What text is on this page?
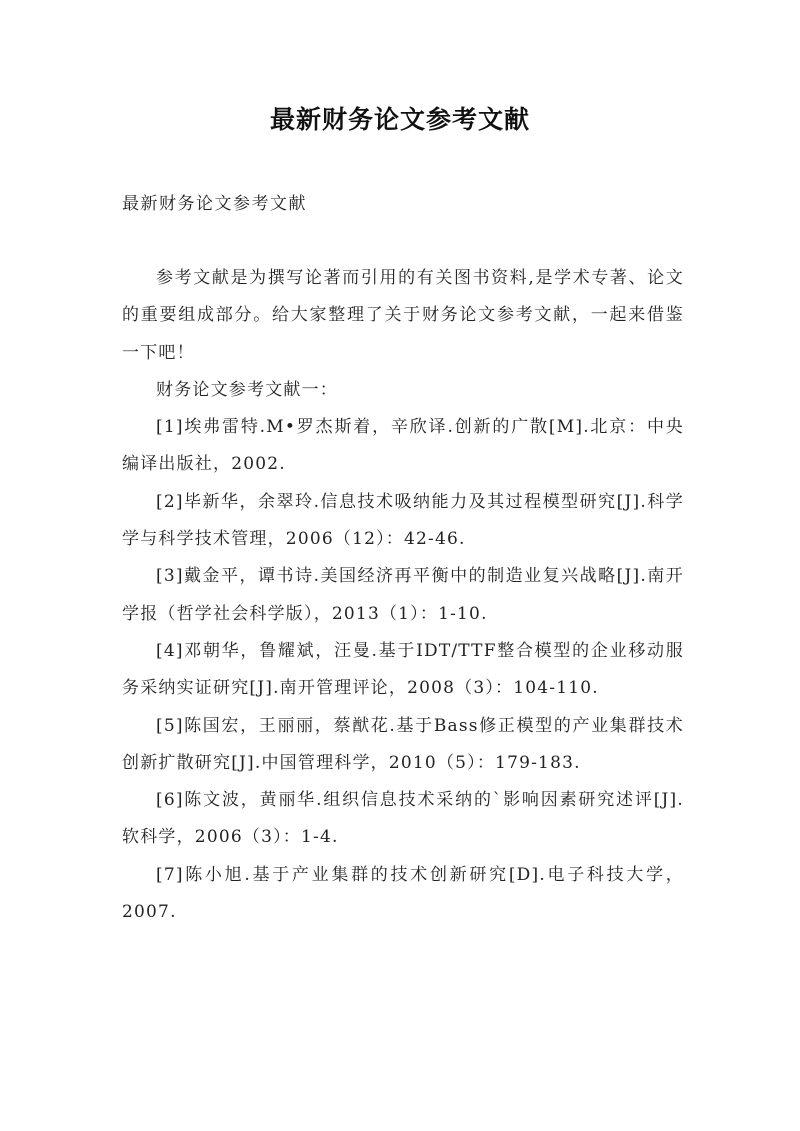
最新财务论文参考文献

最新财务论文参考文献

参考文献是为撰写论著而引用的有关图书资料,是学术专著、论文的重要组成部分。给大家整理了关于财务论文参考文献，一起来借鉴一下吧！

财务论文参考文献一：

[1]埃弗雷特.M•罗杰斯着，辛欣译.创新的广散[M].北京：中央编译出版社，2002.

[2]毕新华，余翠玲.信息技术吸纳能力及其过程模型研究[J].科学学与科学技术管理，2006（12）：42-46.

[3]戴金平，谭书诗.美国经济再平衡中的制造业复兴战略[J].南开学报（哲学社会科学版），2013（1）：1-10.

[4]邓朝华，鲁耀斌，汪曼.基于IDT/TTF整合模型的企业移动服务采纳实证研究[J].南开管理评论，2008（3）：104-110.

[5]陈国宏，王丽丽，蔡猷花.基于Bass修正模型的产业集群技术创新扩散研究[J].中国管理科学，2010（5）：179-183.

[6]陈文波，黄丽华.组织信息技术采纳的`影响因素研究述评[J].软科学，2006（3）：1-4.

[7]陈小旭.基于产业集群的技术创新研究[D].电子科技大学，2007.
